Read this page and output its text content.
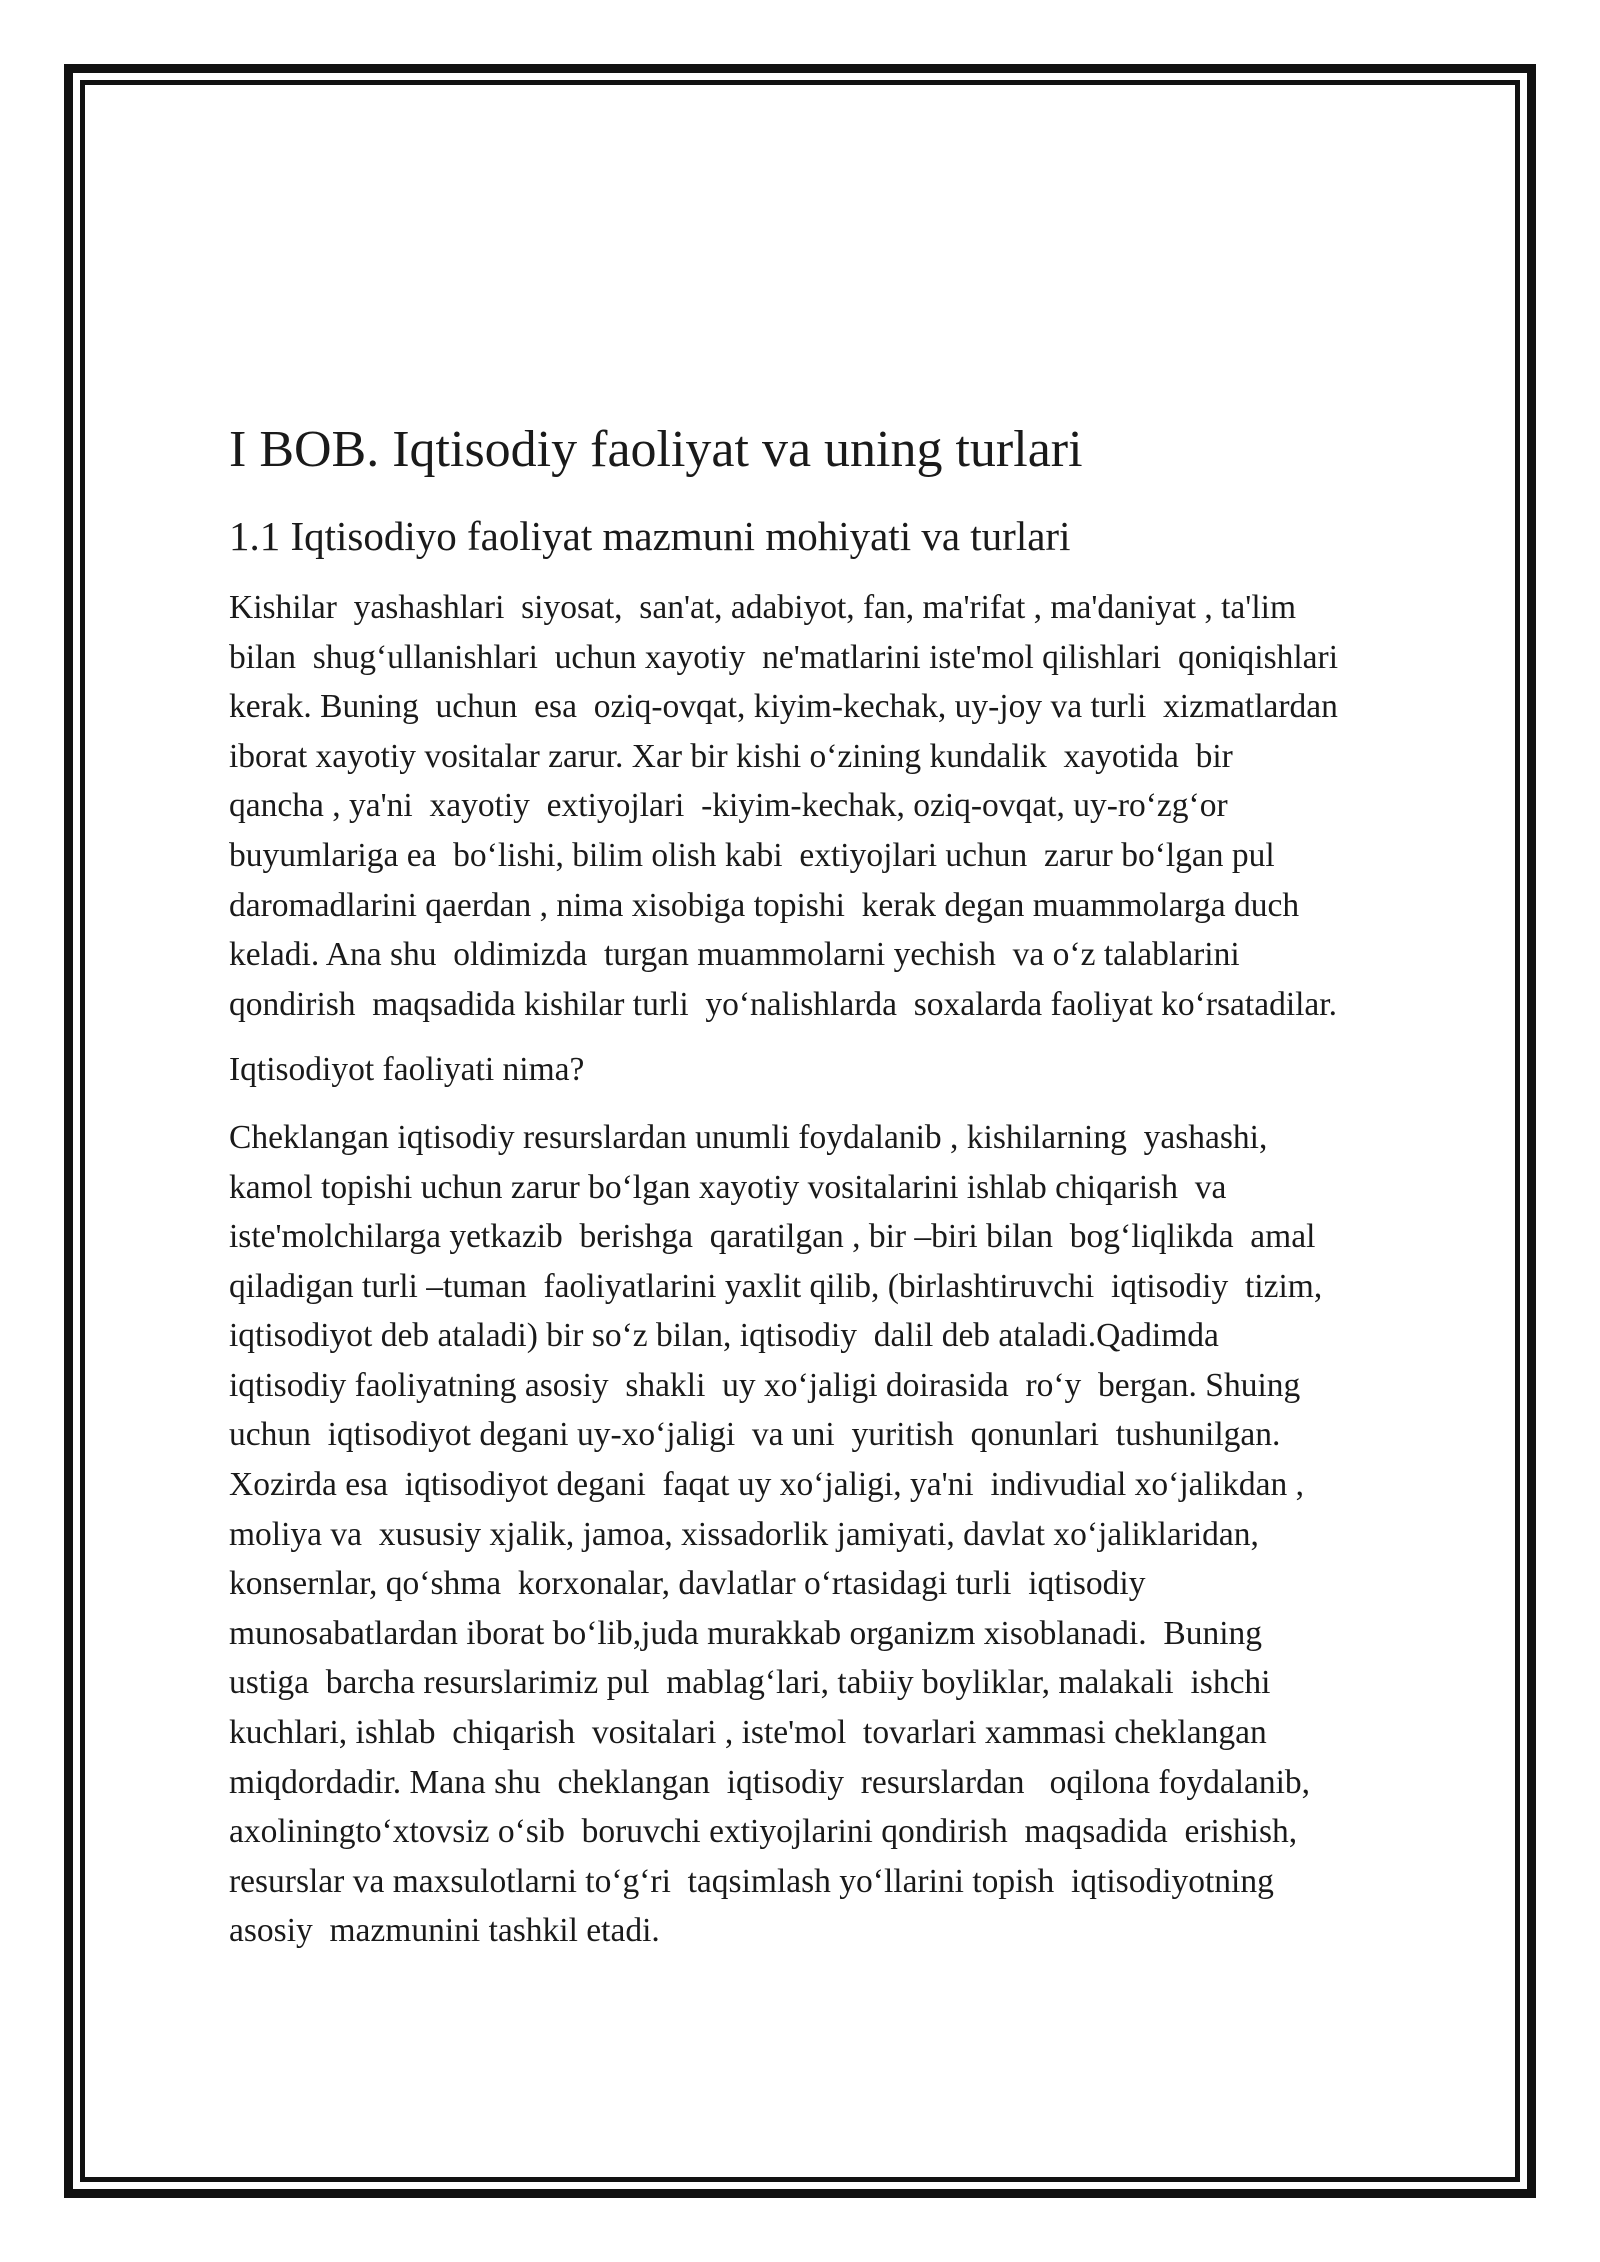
I BOB. Iqtisodiy faoliyat va uning turlari
1.1 Iqtisodiyo faoliyat mazmuni mohiyati va turlari

Kishilar  yashashlari  siyosat,  san'at, adabiyot, fan, ma'rifat , ma'daniyat , ta'lim
bilan  shug‘ullanishlari  uchun xayotiy  ne'matlarini iste'mol qilishlari  qoniqishlari
kerak. Buning  uchun  esa  oziq-ovqat, kiyim-kechak, uy-joy va turli  xizmatlardan
iborat xayotiy vositalar zarur. Xar bir kishi o‘zining kundalik  xayotida  bir
qancha , ya'ni  xayotiy  extiyojlari  -kiyim-kechak, oziq-ovqat, uy-ro‘zg‘or
buyumlariga ea  bo‘lishi, bilim olish kabi  extiyojlari uchun  zarur bo‘lgan pul
daromadlarini qaerdan , nima xisobiga topishi  kerak degan muammolarga duch
keladi. Ana shu  oldimizda  turgan muammolarni yechish  va o‘z talablarini
qondirish  maqsadida kishilar turli  yo‘nalishlarda  soxalarda faoliyat ko‘rsatadilar.

Iqtisodiyot faoliyati nima?

Cheklangan iqtisodiy resurslardan unumli foydalanib , kishilarning  yashashi,
kamol topishi uchun zarur bo‘lgan xayotiy vositalarini ishlab chiqarish  va
iste'molchilarga yetkazib  berishga  qaratilgan , bir –biri bilan  bog‘liqlikda  amal
qiladigan turli –tuman  faoliyatlarini yaxlit qilib, (birlashtiruvchi  iqtisodiy  tizim,
iqtisodiyot deb ataladi) bir so‘z bilan, iqtisodiy  dalil deb ataladi.Qadimda
iqtisodiy faoliyatning asosiy  shakli  uy xo‘jaligi doirasida  ro‘y  bergan. Shuing
uchun  iqtisodiyot degani uy-xo‘jaligi  va uni  yuritish  qonunlari  tushunilgan.
Xozirda esa  iqtisodiyot degani  faqat uy xo‘jaligi, ya'ni  indivudial xo‘jalikdan ,
moliya va  xususiy xjalik, jamoa, xissadorlik jamiyati, davlat xo‘jaliklaridan,
konsernlar, qo‘shma  korxonalar, davlatlar o‘rtasidagi turli  iqtisodiy
munosabatlardan iborat bo‘lib,juda murakkab organizm xisoblanadi.  Buning
ustiga  barcha resurslarimiz pul  mablag‘lari, tabiiy boyliklar, malakali  ishchi
kuchlari, ishlab  chiqarish  vositalari , iste'mol  tovarlari xammasi cheklangan
miqdordadir. Mana shu  cheklangan  iqtisodiy  resurslardan   oqilona foydalanib,
axoliningto‘xtovsiz o‘sib  boruvchi extiyojlarini qondirish  maqsadida  erishish,
resurslar va maxsulotlarni to‘g‘ri  taqsimlash yo‘llarini topish  iqtisodiyotning
asosiy  mazmunini tashkil etadi.
